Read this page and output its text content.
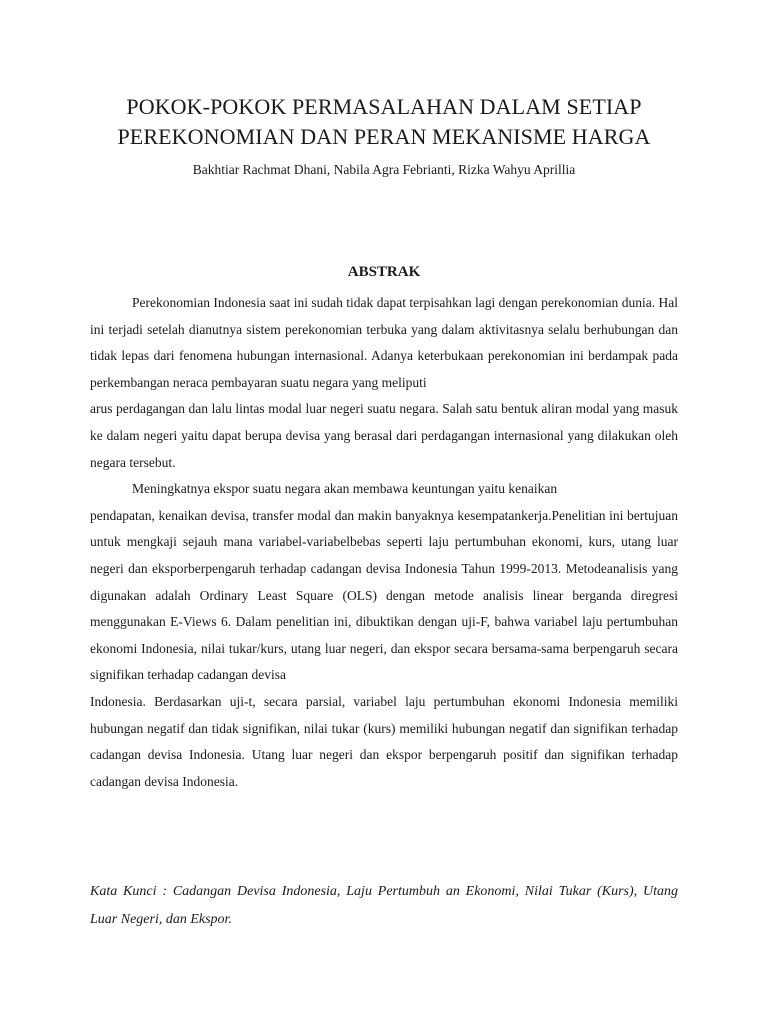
POKOK-POKOK PERMASALAHAN DALAM SETIAP
PEREKONOMIAN DAN PERAN MEKANISME HARGA
Bakhtiar Rachmat Dhani, Nabila Agra Febrianti, Rizka Wahyu Aprillia
ABSTRAK

Perekonomian Indonesia saat ini sudah tidak dapat terpisahkan lagi dengan perekonomian dunia. Hal ini terjadi setelah dianutnya sistem perekonomian terbuka yang dalam aktivitasnya selalu berhubungan dan tidak lepas dari fenomena hubungan internasional. Adanya keterbukaan perekonomian ini berdampak pada perkembangan neraca pembayaran suatu negara yang meliputi

arus perdagangan dan lalu lintas modal luar negeri suatu negara. Salah satu bentuk aliran modal yang masuk ke dalam negeri yaitu dapat berupa devisa yang berasal dari perdagangan internasional yang dilakukan oleh negara tersebut.

Meningkatnya ekspor suatu negara akan membawa keuntungan yaitu kenaikan

pendapatan, kenaikan devisa, transfer modal dan makin banyaknya kesempatankerja.Penelitian ini bertujuan untuk mengkaji sejauh mana variabel-variabelbebas seperti laju pertumbuhan ekonomi, kurs, utang luar negeri dan eksporberpengaruh terhadap cadangan devisa Indonesia Tahun 1999-2013. Metodeanalisis yang digunakan adalah Ordinary Least Square (OLS) dengan metode analisis linear berganda diregresi menggunakan E-Views 6. Dalam penelitian ini, dibuktikan dengan uji-F, bahwa variabel laju pertumbuhan ekonomi Indonesia, nilai tukar/kurs, utang luar negeri, dan ekspor secara bersama-sama berpengaruh secara signifikan terhadap cadangan devisa

Indonesia. Berdasarkan uji-t, secara parsial, variabel laju pertumbuhan ekonomi Indonesia memiliki hubungan negatif dan tidak signifikan, nilai tukar (kurs) memiliki hubungan negatif dan signifikan terhadap cadangan devisa Indonesia. Utang luar negeri dan ekspor berpengaruh positif dan signifikan terhadap cadangan devisa Indonesia.

Kata Kunci : Cadangan Devisa Indonesia, Laju Pertumbuh an Ekonomi, Nilai Tukar (Kurs), Utang Luar Negeri, dan Ekspor.
